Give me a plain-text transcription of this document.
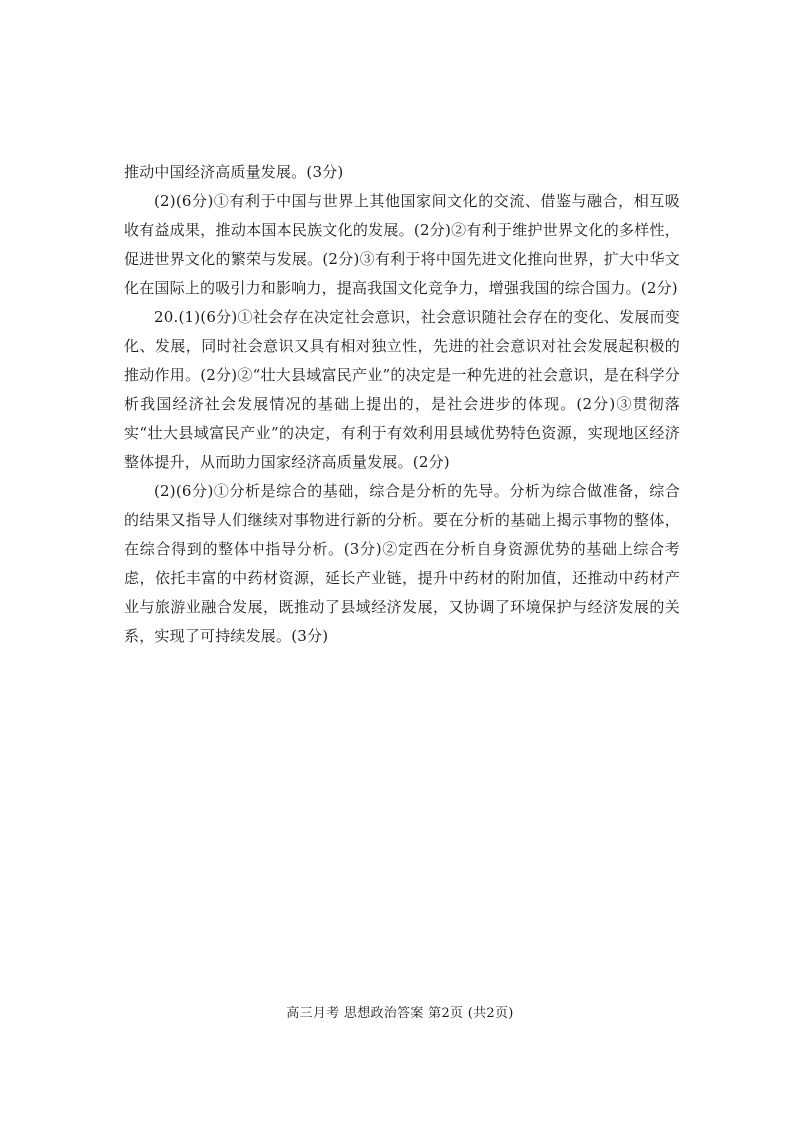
推动中国经济高质量发展。(3分)

(2)(6分)①有利于中国与世界上其他国家间文化的交流、借鉴与融合，相互吸收有益成果，推动本国本民族文化的发展。(2分)②有利于维护世界文化的多样性，促进世界文化的繁荣与发展。(2分)③有利于将中国先进文化推向世界，扩大中华文化在国际上的吸引力和影响力，提高我国文化竞争力，增强我国的综合国力。(2分)

20.(1)(6分)①社会存在决定社会意识，社会意识随社会存在的变化、发展而变化、发展，同时社会意识又具有相对独立性，先进的社会意识对社会发展起积极的推动作用。(2分)②“壮大县域富民产业”的决定是一种先进的社会意识，是在科学分析我国经济社会发展情况的基础上提出的，是社会进步的体现。(2分)③贯彻落实“壮大县域富民产业”的决定，有利于有效利用县域优势特色资源，实现地区经济整体提升，从而助力国家经济高质量发展。(2分)

(2)(6分)①分析是综合的基础，综合是分析的先导。分析为综合做准备，综合的结果又指导人们继续对事物进行新的分析。要在分析的基础上揭示事物的整体，在综合得到的整体中指导分析。(3分)②定西在分析自身资源优势的基础上综合考虑，依托丰富的中药材资源，延长产业链，提升中药材的附加值，还推动中药材产业与旅游业融合发展，既推动了县域经济发展，又协调了环境保护与经济发展的关系，实现了可持续发展。(3分)

高三月考 思想政治答案 第2页 (共2页)
